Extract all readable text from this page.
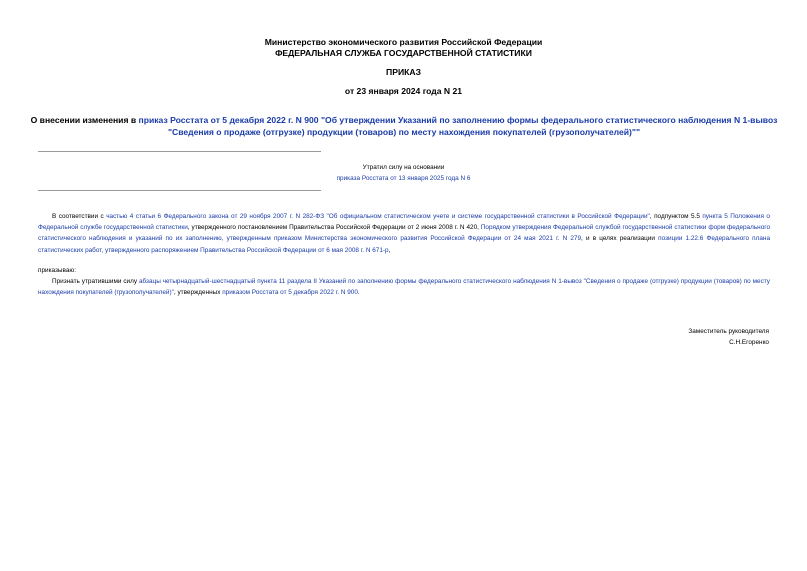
Министерство экономического развития Российской Федерации
ФЕДЕРАЛЬНАЯ СЛУЖБА ГОСУДАРСТВЕННОЙ СТАТИСТИКИ
ПРИКАЗ
от 23 января 2024 года N 21
О внесении изменения в приказ Росстата от 5 декабря 2022 г. N 900 "Об утверждении Указаний по заполнению формы федерального статистического наблюдения N 1-вывоз "Сведения о продаже (отгрузке) продукции (товаров) по месту нахождения покупателей (грузополучателей)""
Утратил силу на основании
приказа Росстата от 13 января 2025 года N 6
В соответствии с частью 4 статьи 6 Федерального закона от 29 ноября 2007 г. N 282-ФЗ "Об официальном статистическом учете и системе государственной статистики в Российской Федерации", подпунктом 5.5 пункта 5 Положения о Федеральной службе государственной статистики, утвержденного постановлением Правительства Российской Федерации от 2 июня 2008 г. N 420, Порядком утверждения Федеральной службой государственной статистики форм федерального статистического наблюдения и указаний по их заполнению, утвержденным приказом Министерства экономического развития Российской Федерации от 24 мая 2021 г. N 279, и в целях реализации позиции 1.22.6 Федерального плана статистических работ, утвержденного распоряжением Правительства Российской Федерации от 6 мая 2008 г. N 671-р,
приказываю:
Признать утратившими силу абзацы четырнадцатый-шестнадцатый пункта 11 раздела II Указаний по заполнению формы федерального статистического наблюдения N 1-вывоз "Сведения о продаже (отгрузке) продукции (товаров) по месту нахождения покупателей (грузополучателей)", утвержденных приказом Росстата от 5 декабря 2022 г. N 900.
Заместитель руководителя
С.Н.Егоренко
